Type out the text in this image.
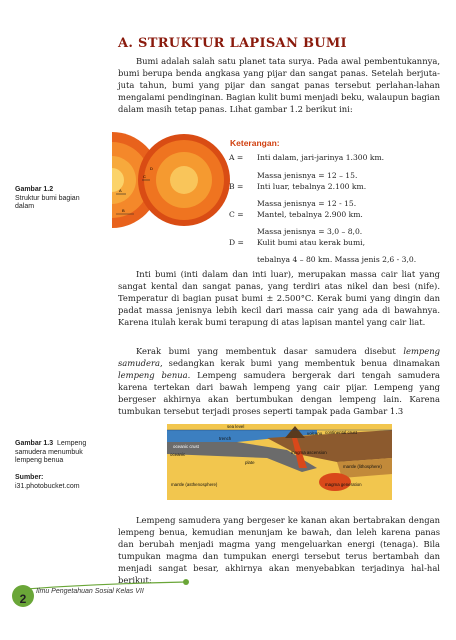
A. STRUKTUR LAPISAN BUMI

Bumi adalah salah satu planet tata surya. Pada awal pembentukannya, bumi berupa benda angkasa yang pijar dan sangat panas. Setelah berjuta-juta tahun, bumi yang pijar dan sangat panas tersebut perlahan-lahan mengalami pendinginan. Bagian kulit bumi menjadi beku, walaupun bagian dalam masih tetap panas. Lihat gambar 1.2 berikut ini:

A
B
C
D
Gambar 1.2
Struktur bumi bagian dalam
Keterangan:
A = Inti dalam, jari-jarinya 1.300 km.
Massa jenisnya = 12 – 15.
B = Inti luar, tebalnya 2.100 km.
Massa jenisnya = 12 - 15.
C = Mantel, tebalnya 2.900 km.
Massa jenisnya = 3,0 – 8,0.
D = Kulit bumi atau kerak bumi,
tebalnya 4 – 80 km. Massa jenis 2,6 - 3,0.

Inti bumi (inti dalam dan inti luar), merupakan massa cair liat yang sangat kental dan sangat panas, yang terdiri atas nikel dan besi (nife). Temperatur di bagian pusat bumi ± 2.500°C. Kerak bumi yang dingin dan padat massa jenisnya lebih kecil dari massa cair yang ada di bawahnya. Karena itulah kerak bumi terapung di atas lapisan mantel yang cair liat.

Kerak bumi yang membentuk dasar samudera disebut lempeng samudera, sedangkan kerak bumi yang membentuk benua dinamakan lempeng benua. Lempeng samudera bergerak dari tengah samudera karena tertekan dari bawah lempeng yang cair pijar. Lempeng yang bergeser akhirnya akan bertumbukan dengan lempeng lain. Karena tumbukan tersebut terjadi proses seperti tampak pada Gambar 1.3

sea level
continental crust
trench
volcano
oceanic crust
oceanic
plate
magma ascension
mantle (lithosphere)
mantle (asthenosphere)	magma generation
Gambar 1.3 Lempeng samudera menumbuk lempeng benua
Sumber:
i31.photobucket.com

Lempeng samudera yang bergeser ke kanan akan bertabrakan dengan lempeng benua, kemudian menunjam ke bawah, dan leleh karena panas dan berubah menjadi magma yang mengeluarkan energi (tenaga). Bila tumpukan magma dan tumpukan energi tersebut terus bertambah dan menjadi sangat besar, akhirnya akan menyebabkan terjadinya hal-hal berikut:

Ilmu Pengetahuan Sosial Kelas VII
2
